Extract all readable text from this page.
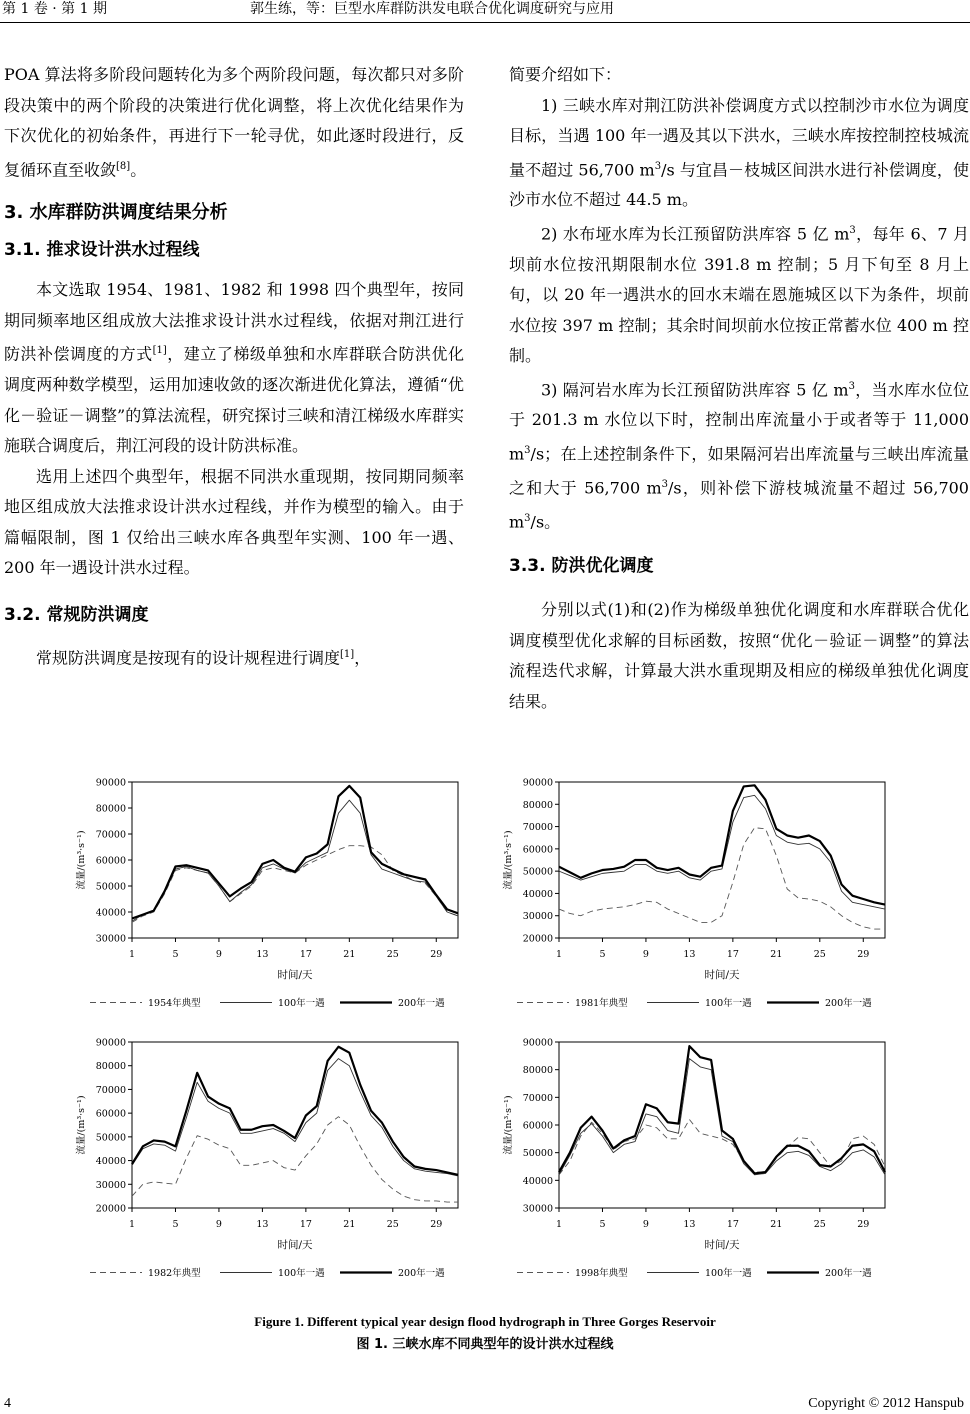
第 1 卷 · 第 1 期	郭生练，等：巨型水库群防洪发电联合优化调度研究与应用

POA 算法将多阶段问题转化为多个两阶段问题，每次都只对多阶段决策中的两个阶段的决策进行优化调整，将上次优化结果作为下次优化的初始条件，再进行下一轮寻优，如此逐时段进行，反复循环直至收敛[8]。

3. 水库群防洪调度结果分析
3.1. 推求设计洪水过程线

本文选取 1954、1981、1982 和 1998 四个典型年，按同期同频率地区组成放大法推求设计洪水过程线，依据对荆江进行防洪补偿调度的方式[1]，建立了梯级单独和水库群联合防洪优化调度两种数学模型，运用加速收敛的逐次渐进优化算法，遵循“优化－验证－调整”的算法流程，研究探讨三峡和清江梯级水库群实施联合调度后，荆江河段的设计防洪标准。

选用上述四个典型年，根据不同洪水重现期，按同期同频率地区组成放大法推求设计洪水过程线，并作为模型的输入。由于篇幅限制，图 1 仅给出三峡水库各典型年实测、100 年一遇、200 年一遇设计洪水过程。

3.2. 常规防洪调度

常规防洪调度是按现有的设计规程进行调度[1]，

简要介绍如下：

1) 三峡水库对荆江防洪补偿调度方式以控制沙市水位为调度目标，当遇 100 年一遇及其以下洪水，三峡水库按控制控枝城流量不超过 56,700 $m^3/s$ 与宜昌－枝城区间洪水进行补偿调度，使沙市水位不超过 44.5 m。

2) 水布垭水库为长江预留防洪库容 5 亿 $m^3$，每年 6、7 月坝前水位按汛期限制水位 391.8 m 控制；5 月下旬至 8 月上旬，以 20 年一遇洪水的回水末端在恩施城区以下为条件，坝前水位按 397 m 控制；其余时间坝前水位按正常蓄水位 400 m 控制。

3) 隔河岩水库为长江预留防洪库容 5 亿 $m^3$，当水库水位位于 201.3 m 水位以下时，控制出库流量小于或者等于 11,000 $m^3/s$；在上述控制条件下，如果隔河岩出库流量与三峡出库流量之和大于 56,700 $m^3/s$，则补偿下游枝城流量不超过 56,700 $m^3/s$。

3.3. 防洪优化调度

分别以式(1)和(2)作为梯级单独优化调度和水库群联合优化调度模型优化求解的目标函数，按照“优化－验证－调整”的算法流程迭代求解，计算最大洪水重现期及相应的梯级单独优化调度结果。

30000
40000
50000
60000
70000
80000
90000
1	5	9	13	17	21	25	29
时间/天
流量/(m³·s⁻¹)
1954年典型	100年一遇	200年一遇
20000
30000
40000
50000
60000
70000
80000
90000
1	5	9	13	17	21	25	29
时间/天
流量/(m³·s⁻¹)
1981年典型	100年一遇	200年一遇
20000
30000
40000
50000
60000
70000
80000
90000
1	5	9	13	17	21	25	29
时间/天
流量/(m³·s⁻¹)
1982年典型	100年一遇	200年一遇
30000
40000
50000
60000
70000
80000
90000
1	5	9	13	17	21	25	29
时间/天
流量/(m³·s⁻¹)
1998年典型	100年一遇	200年一遇
Figure 1. Different typical year design flood hydrograph in Three Gorges Reservoir
图 1. 三峡水库不同典型年的设计洪水过程线
4	Copyright © 2012 Hanspub
